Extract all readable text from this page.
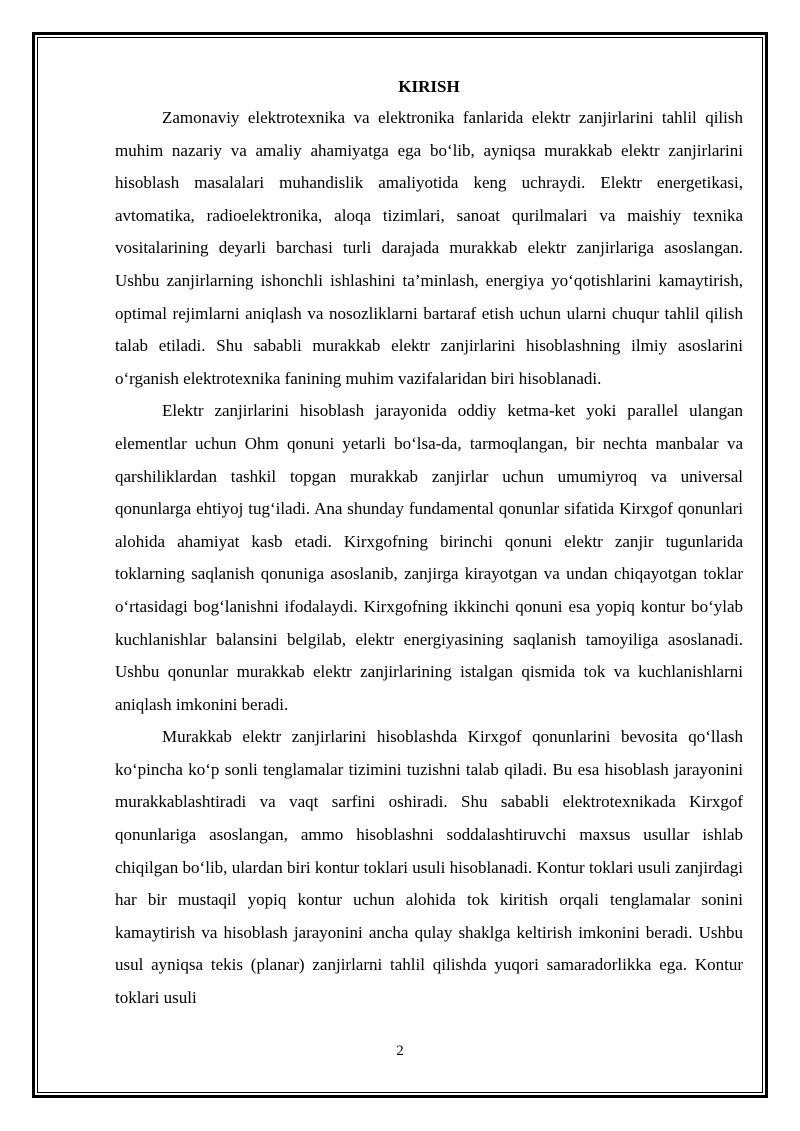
KIRISH

Zamonaviy elektrotexnika va elektronika fanlarida elektr zanjirlarini tahlil qilish muhim nazariy va amaliy ahamiyatga ega bo‘lib, ayniqsa murakkab elektr zanjirlarini hisoblash masalalari muhandislik amaliyotida keng uchraydi. Elektr energetikasi, avtomatika, radioelektronika, aloqa tizimlari, sanoat qurilmalari va maishiy texnika vositalarining deyarli barchasi turli darajada murakkab elektr zanjirlariga asoslangan. Ushbu zanjirlarning ishonchli ishlashini ta’minlash, energiya yo‘qotishlarini kamaytirish, optimal rejimlarni aniqlash va nosozliklarni bartaraf etish uchun ularni chuqur tahlil qilish talab etiladi. Shu sababli murakkab elektr zanjirlarini hisoblashning ilmiy asoslarini o‘rganish elektrotexnika fanining muhim vazifalaridan biri hisoblanadi.

Elektr zanjirlarini hisoblash jarayonida oddiy ketma-ket yoki parallel ulangan elementlar uchun Ohm qonuni yetarli bo‘lsa-da, tarmoqlangan, bir nechta manbalar va qarshiliklardan tashkil topgan murakkab zanjirlar uchun umumiyroq va universal qonunlarga ehtiyoj tug‘iladi. Ana shunday fundamental qonunlar sifatida Kirxgof qonunlari alohida ahamiyat kasb etadi. Kirxgofning birinchi qonuni elektr zanjir tugunlarida toklarning saqlanish qonuniga asoslanib, zanjirga kirayotgan va undan chiqayotgan toklar o‘rtasidagi bog‘lanishni ifodalaydi. Kirxgofning ikkinchi qonuni esa yopiq kontur bo‘ylab kuchlanishlar balansini belgilab, elektr energiyasining saqlanish tamoyiliga asoslanadi. Ushbu qonunlar murakkab elektr zanjirlarining istalgan qismida tok va kuchlanishlarni aniqlash imkonini beradi.

Murakkab elektr zanjirlarini hisoblashda Kirxgof qonunlarini bevosita qo‘llash ko‘pincha ko‘p sonli tenglamalar tizimini tuzishni talab qiladi. Bu esa hisoblash jarayonini murakkablashtiradi va vaqt sarfini oshiradi. Shu sababli elektrotexnikada Kirxgof qonunlariga asoslangan, ammo hisoblashni soddalashtiruvchi maxsus usullar ishlab chiqilgan bo‘lib, ulardan biri kontur toklari usuli hisoblanadi. Kontur toklari usuli zanjirdagi har bir mustaqil yopiq kontur uchun alohida tok kiritish orqali tenglamalar sonini kamaytirish va hisoblash jarayonini ancha qulay shaklga keltirish imkonini beradi. Ushbu usul ayniqsa tekis (planar) zanjirlarni tahlil qilishda yuqori samaradorlikka ega. Kontur toklari usuli

2
